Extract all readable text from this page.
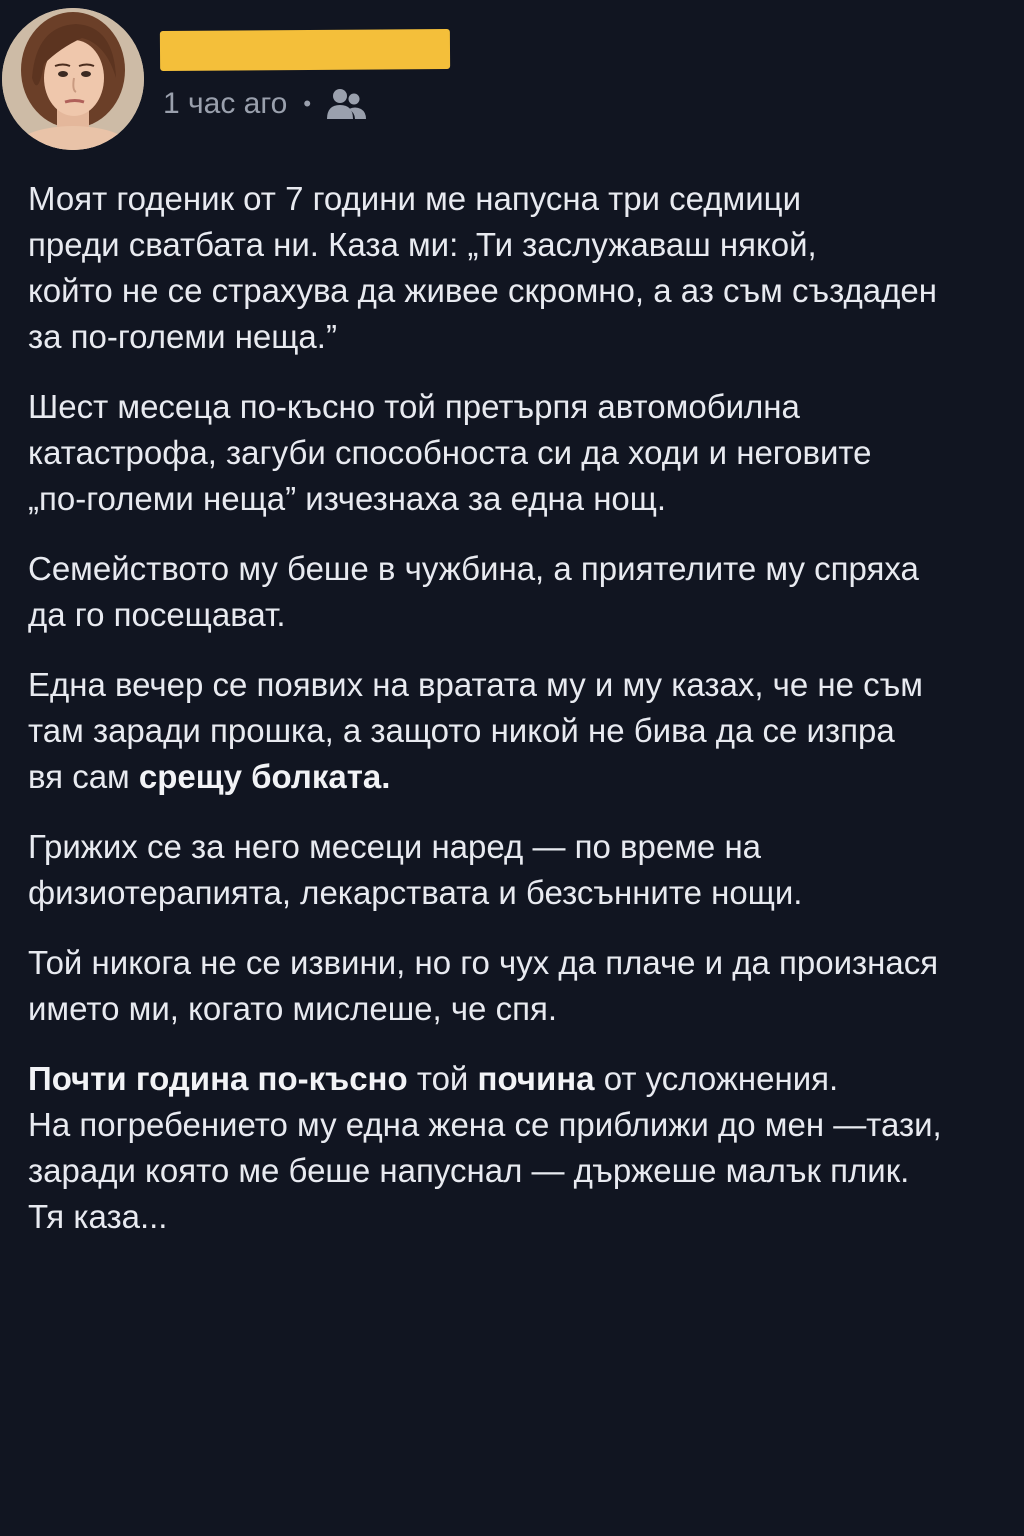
1 час аго •

Моят годеник от 7 години ме напусна три седмици
преди сватбата ни. Каза ми: „Ти заслужаваш някой,
който не се страхува да живее скромно, а аз съм създаден
за по-големи неща.”

Шест месеца по-късно той претърпя автомобилна
катастрофа, загуби способноста си да ходи и неговите
„по-големи неща” изчезнаха за една нощ.

Семейството му беше в чужбина, а приятелите му спряха
да го посещават.

Една вечер се появих на вратата му и му казах, че не съм
там заради прошка, а защото никой не бива да се изпра
вя сам срещу болката.

Грижих се за него месеци наред — по време на
физиотерапията, лекарствата и безсънните нощи.

Той никога не се извини, но го чух да плаче и да произнася
името ми, когато мислеше, че спя.

Почти година по-късно той почина от усложнения.
На погребението му една жена се приближи до мен —тази,
заради която ме беше напуснал — държеше малък плик.
Тя каза...
